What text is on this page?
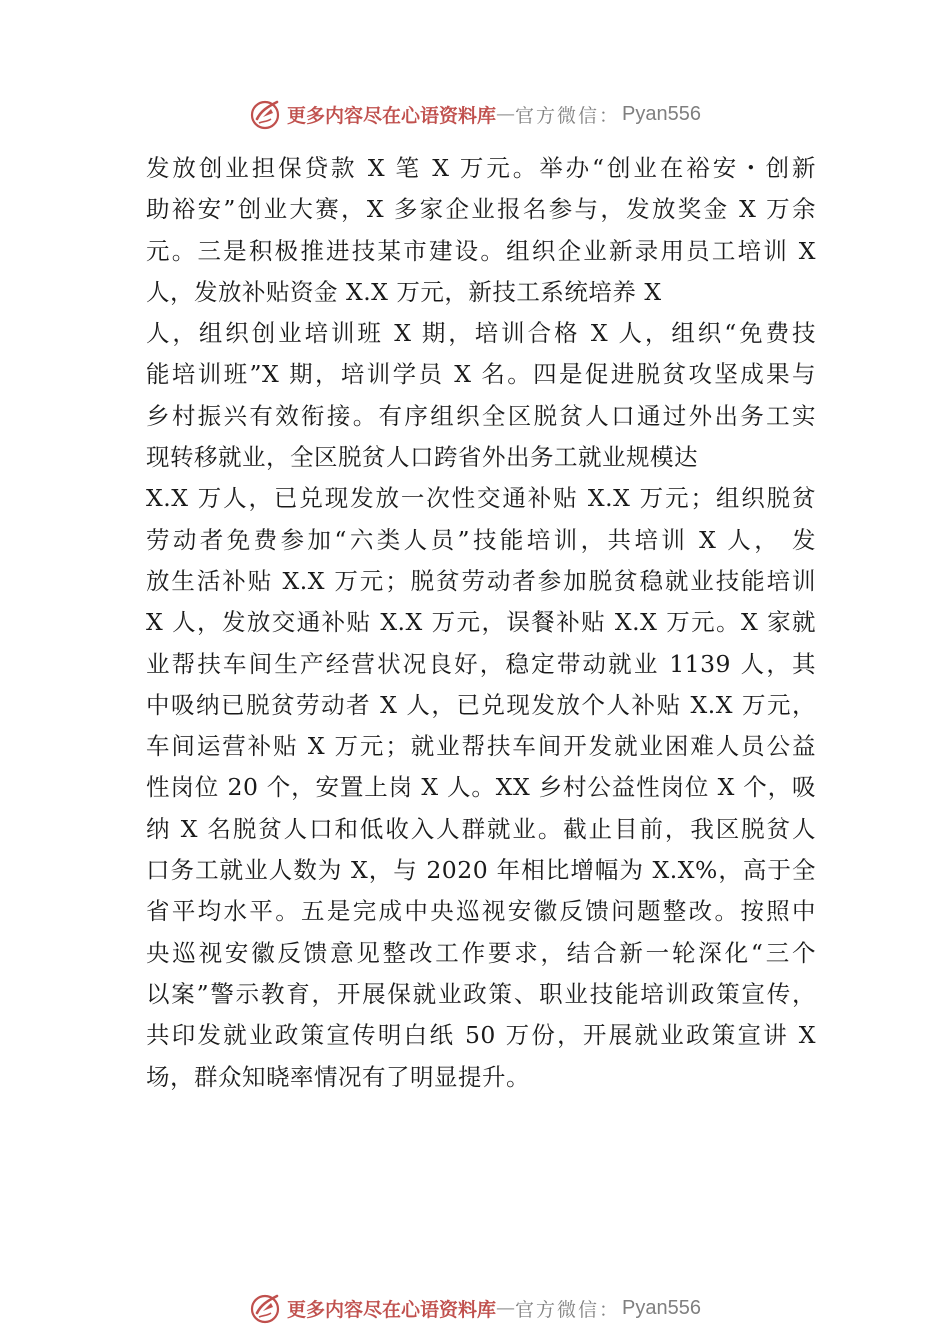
更多内容尽在心语资料库 — 官方微信： Pyan556
发放创业担保贷款 X 笔 X 万元。举办“创业在裕安・创新
助裕安”创业大赛，X 多家企业报名参与，发放奖金 X 万余
元。三是积极推进技某市建设。组织企业新录用员工培训 X
人，发放补贴资金 X.X 万元，新技工系统培养 X
人，组织创业培训班 X 期，培训合格 X 人，组织“免费技
能培训班”X 期，培训学员 X 名。四是促进脱贫攻坚成果与
乡村振兴有效衔接。有序组织全区脱贫人口通过外出务工实
现转移就业，全区脱贫人口跨省外出务工就业规模达
X.X 万人，已兑现发放一次性交通补贴 X.X 万元；组织脱贫
劳动者免费参加“六类人员”技能培训，共培训 X 人， 发
放生活补贴 X.X 万元；脱贫劳动者参加脱贫稳就业技能培训
X 人，发放交通补贴 X.X 万元，误餐补贴 X.X 万元。X 家就
业帮扶车间生产经营状况良好，稳定带动就业 1139 人，其
中吸纳已脱贫劳动者 X 人，已兑现发放个人补贴 X.X 万元，
车间运营补贴 X 万元；就业帮扶车间开发就业困难人员公益
性岗位 20 个，安置上岗 X 人。XX 乡村公益性岗位 X 个，吸
纳 X 名脱贫人口和低收入人群就业。截止目前，我区脱贫人
口务工就业人数为 X，与 2020 年相比增幅为 X.X%，高于全
省平均水平。五是完成中央巡视安徽反馈问题整改。按照中
央巡视安徽反馈意见整改工作要求，结合新一轮深化“三个
以案”警示教育，开展保就业政策、职业技能培训政策宣传，
共印发就业政策宣传明白纸 50 万份，开展就业政策宣讲 X
场，群众知晓率情况有了明显提升。
更多内容尽在心语资料库 — 官方微信： Pyan556
